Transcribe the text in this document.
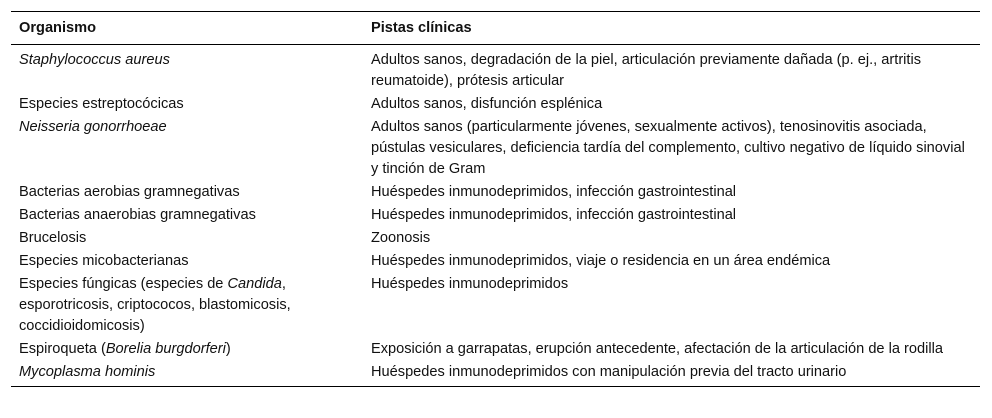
Organismo	Pistas clínicas
Staphylococcus aureus	Adultos sanos, degradación de la piel, articulación previamente dañada (p. ej., artritis reumatoide), prótesis articular
Especies estreptocócicas	Adultos sanos, disfunción esplénica
Neisseria gonorrhoeae	Adultos sanos (particularmente jóvenes, sexualmente activos), tenosinovitis asociada, pústulas vesiculares, deficiencia tardía del complemento, cultivo negativo de líquido sinovial y tinción de Gram
Bacterias aerobias gramnegativas	Huéspedes inmunodeprimidos, infección gastrointestinal
Bacterias anaerobias gramnegativas	Huéspedes inmunodeprimidos, infección gastrointestinal
Brucelosis	Zoonosis
Especies micobacterianas	Huéspedes inmunodeprimidos, viaje o residencia en un área endémica
Especies fúngicas (especies de Candida, esporotricosis, criptococos, blastomicosis, coccidioidomicosis)	Huéspedes inmunodeprimidos
Espiroqueta (Borelia burgdorferi)	Exposición a garrapatas, erupción antecedente, afectación de la articulación de la rodilla
Mycoplasma hominis	Huéspedes inmunodeprimidos con manipulación previa del tracto urinario
